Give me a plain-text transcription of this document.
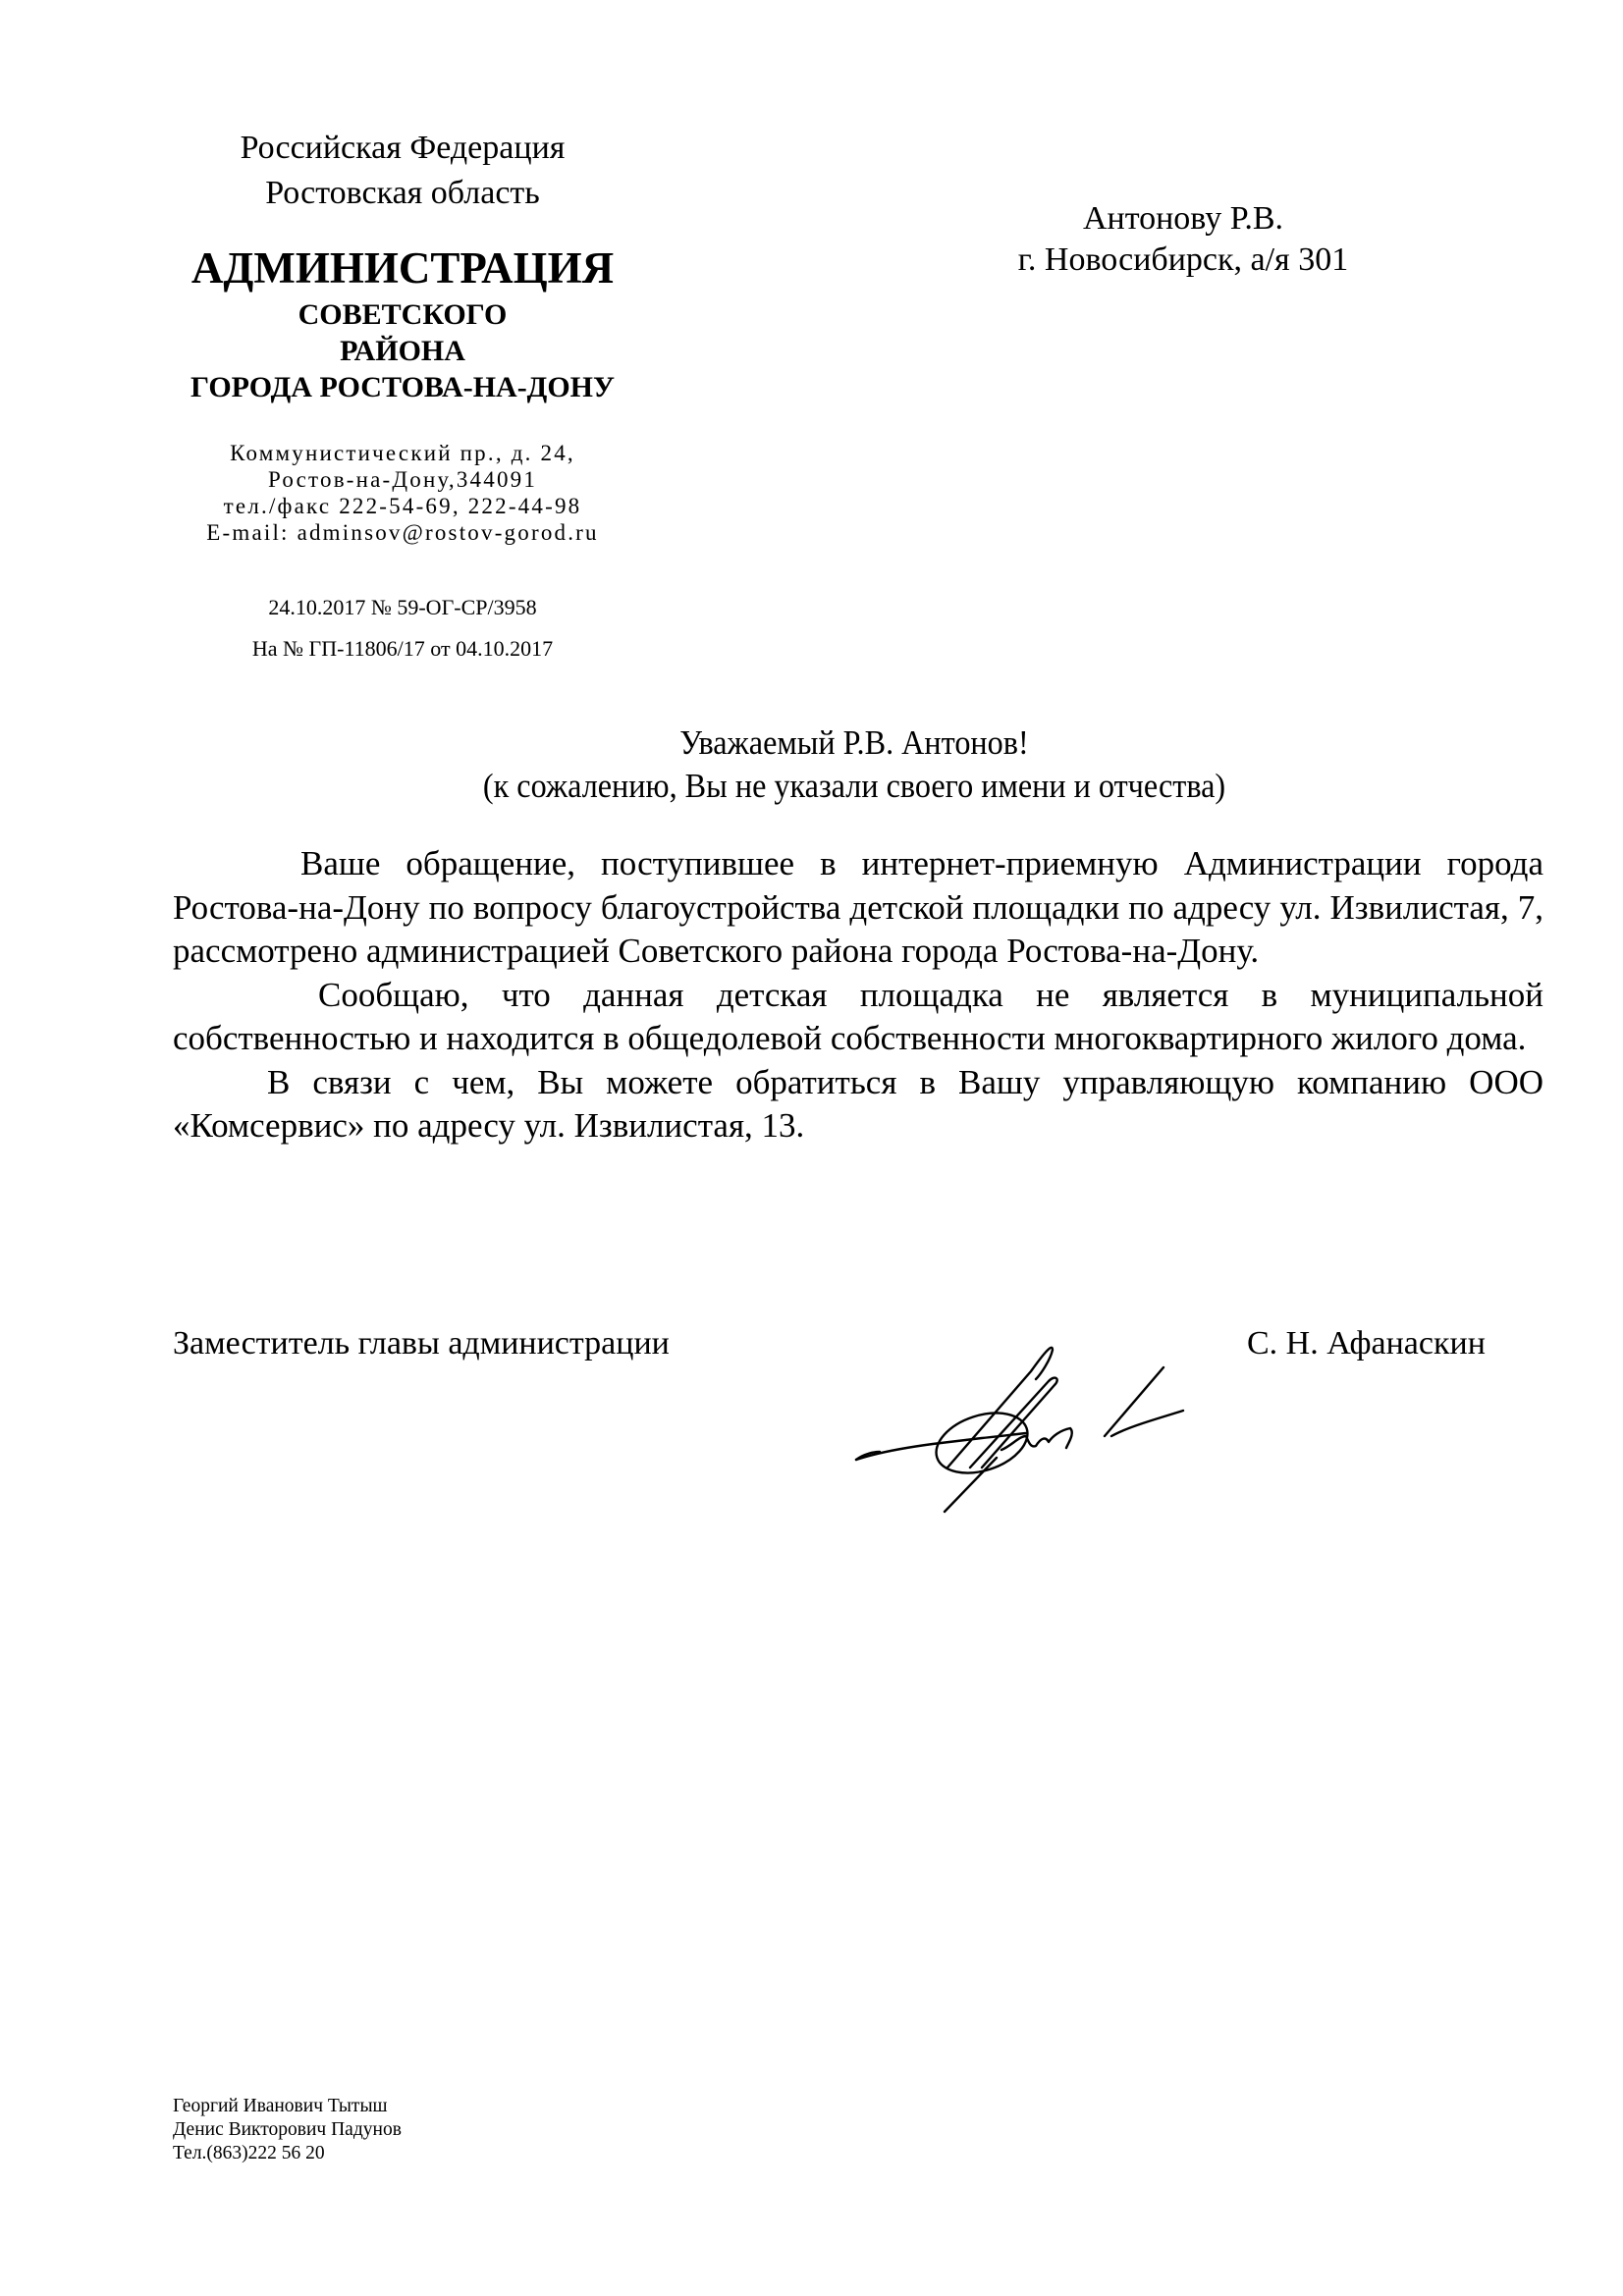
Российская Федерация
Ростовская область
АДМИНИСТРАЦИЯ
СОВЕТСКОГО
РАЙОНА
ГОРОДА РОСТОВА-НА-ДОНУ
Коммунистический пр., д. 24,
Ростов-на-Дону,344091
тел./факс 222-54-69, 222-44-98
E-mail: adminsov@rostov-gorod.ru
24.10.2017 № 59-ОГ-СР/3958
На № ГП-11806/17 от 04.10.2017
Антонову Р.В.
г. Новосибирск, а/я 301
Уважаемый Р.В. Антонов!
(к сожалению, Вы не указали своего имени и отчества)

Ваше обращение, поступившее в интернет-приемную Администрации города Ростова-на-Дону по вопросу благоустройства детской площадки по адресу ул. Извилистая, 7, рассмотрено администрацией Советского района города Ростова-на-Дону.

Сообщаю, что данная детская площадка не является в муниципальной собственностью и находится в общедолевой собственности многоквартирного жилого дома.

В связи с чем, Вы можете обратиться в Вашу управляющую компанию ООО «Комсервис» по адресу ул. Извилистая, 13.

Заместитель главы администрации	С. Н. Афанаскин
Георгий Иванович Тытыш
Денис Викторович Падунов
Тел.(863)222 56 20
